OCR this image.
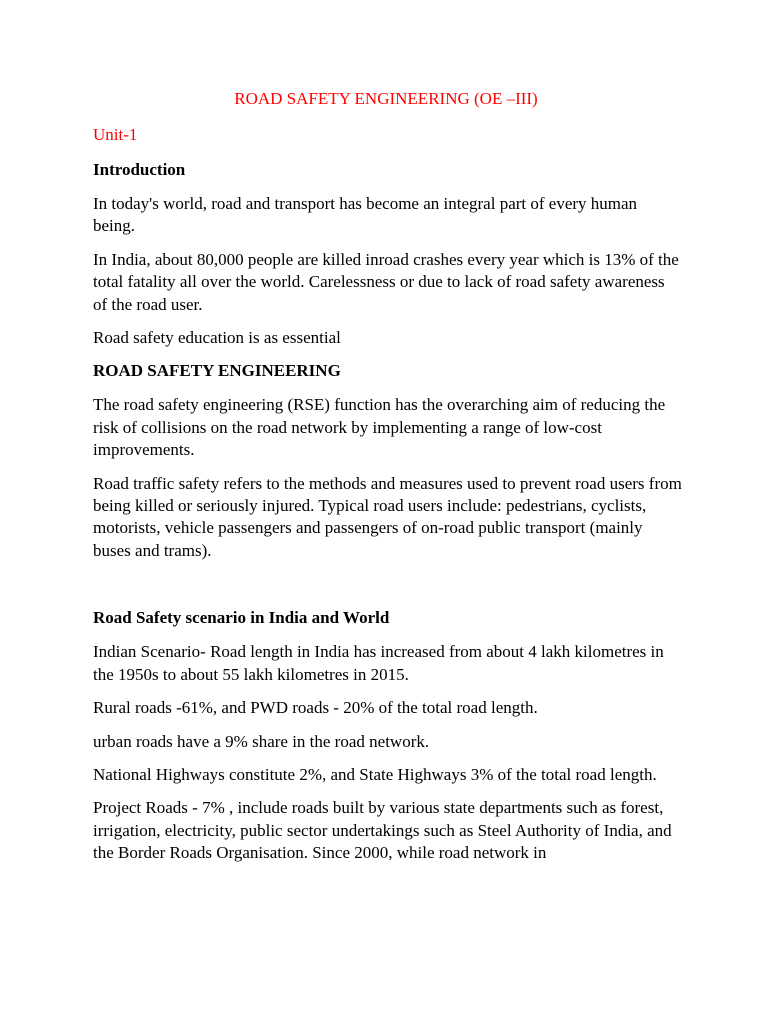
ROAD SAFETY ENGINEERING (OE –III)
Unit-1
Introduction

In today's world, road and transport has become an integral part of every human being.

In India, about 80,000 people are killed inroad crashes every year which is 13% of the total fatality all over the world. Carelessness or due to lack of road safety awareness of the road user.

Road safety education is as essential

ROAD SAFETY ENGINEERING

The road safety engineering (RSE) function has the overarching aim of reducing the risk of collisions on the road network by implementing a range of low-cost improvements.

Road traffic safety refers to the methods and measures used to prevent road users from being killed or seriously injured. Typical road users include: pedestrians, cyclists, motorists, vehicle passengers and passengers of on-road public transport (mainly buses and trams).

Road Safety scenario in India and World

Indian Scenario- Road length in India has increased from about 4 lakh kilometres in the 1950s to about 55 lakh kilometres in 2015.

Rural roads -61%, and PWD roads - 20% of the total road length.

urban roads have a 9% share in the road network.

National Highways constitute 2%, and State Highways 3% of the total road length.

Project Roads - 7% , include roads built by various state departments such as forest, irrigation, electricity, public sector undertakings such as Steel Authority of India, and the Border Roads Organisation. Since 2000, while road network in
